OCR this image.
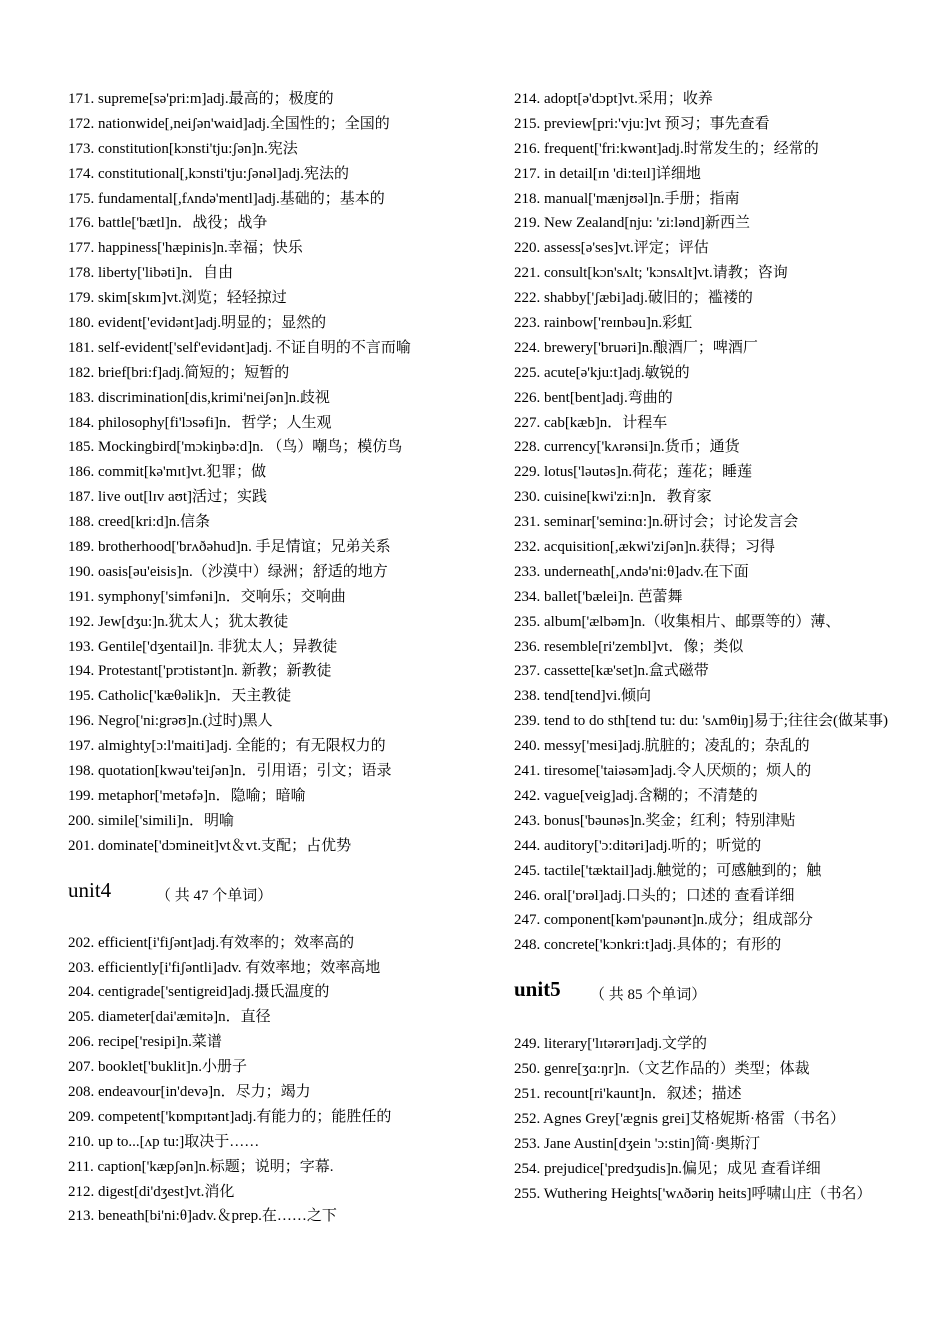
171. supreme[sə'pri:m]adj.最高的；极度的
172. nationwide[,neiʃən'waid]adj.全国性的；全国的
173. constitution[kɔnsti'tju:ʃən]n.宪法
174. constitutional[,kɔnsti'tju:ʃənəl]adj.宪法的
175. fundamental[,fʌndə'mentl]adj.基础的；基本的
176. battle['bætl]n．战役；战争
177. happiness['hæpinis]n.幸福；快乐
178. liberty['libəti]n．自由
179. skim[skɪm]vt.浏览；轻轻掠过
180. evident['evidənt]adj.明显的；显然的
181. self-evident['self'evidənt]adj. 不证自明的不言而喻
182. brief[bri:f]adj.简短的；短暂的
183. discrimination[dis,krimi'neiʃən]n.歧视
184. philosophy[fi'lɔsəfi]n．哲学；人生观
185. Mockingbird['mɔkiŋbə:d]n. （鸟）嘲鸟；模仿鸟
186. commit[kə'mɪt]vt.犯罪；做
187. live out[lɪv aʊt]活过；实践
188. creed[kri:d]n.信条
189. brotherhood['brʌðəhud]n. 手足情谊；兄弟关系
190. oasis[əu'eisis]n.（沙漠中）绿洲；舒适的地方
191. symphony['simfəni]n．交响乐；交响曲
192. Jew[dʒu:]n.犹太人；犹太教徒
193. Gentile['dʒentail]n. 非犹太人；异教徒
194. Protestant['prɔtistənt]n. 新教；新教徒
195. Catholic['kæθəlik]n．天主教徒
196. Negro['ni:grəʊ]n.(过时)黑人
197. almighty[ɔ:l'maiti]adj. 全能的；有无限权力的
198. quotation[kwəu'teiʃən]n．引用语；引文；语录
199. metaphor['metəfə]n．隐喻；暗喻
200. simile['simili]n．明喻
201. dominate['dɔmineit]vt＆vt.支配；占优势
unit4	（ 共 47 个单词）
202. efficient[i'fiʃənt]adj.有效率的；效率高的
203. efficiently[i'fiʃəntli]adv. 有效率地；效率高地
204. centigrade['sentigreid]adj.摄氏温度的
205. diameter[dai'æmitə]n．直径
206. recipe['resipi]n.菜谱
207. booklet['buklit]n.小册子
208. endeavour[in'devə]n．尽力；竭力
209. competent['kɒmpɪtənt]adj.有能力的；能胜任的
210. up to...[ʌp tu:]取决于……
211. caption['kæpʃən]n.标题；说明；字幕.
212. digest[di'dʒest]vt.消化
213. beneath[bi'ni:θ]adv.＆prep.在……之下
214. adopt[ə'dɔpt]vt.采用；收养
215. preview[pri:'vju:]vt 预习；事先查看
216. frequent['fri:kwənt]adj.时常发生的；经常的
217. in detail[ɪn 'di:teɪl]详细地
218. manual['mænjʊəl]n.手册；指南
219. New Zealand[nju: 'zi:lənd]新西兰
220. assess[ə'ses]vt.评定；评估
221. consult[kɔn'sʌlt; 'kɔnsʌlt]vt.请教；咨询
222. shabby['ʃæbi]adj.破旧的；褴褛的
223. rainbow['reɪnbəu]n.彩虹
224. brewery['bruəri]n.酿酒厂；啤酒厂
225. acute[ə'kju:t]adj.敏锐的
226. bent[bent]adj.弯曲的
227. cab[kæb]n．计程车
228. currency['kʌrənsi]n.货币；通货
229. lotus['ləutəs]n.荷花；莲花；睡莲
230. cuisine[kwi'zi:n]n．教育家
231. seminar['seminɑ:]n.研讨会；讨论发言会
232. acquisition[,ækwi'ziʃən]n.获得；习得
233. underneath[,ʌndə'ni:θ]adv.在下面
234. ballet['bælei]n. 芭蕾舞
235. album['ælbəm]n.（收集相片、邮票等的）薄、
236. resemble[ri'zembl]vt．像；类似
237. cassette[kæ'set]n.盒式磁带
238. tend[tend]vi.倾向
239. tend to do sth[tend tu: du: 'sʌmθiŋ]易于;往往会(做某事)
240. messy['mesi]adj.肮脏的；凌乱的；杂乱的
241. tiresome['taiəsəm]adj.令人厌烦的；烦人的
242. vague[veig]adj.含糊的；不清楚的
243. bonus['bəunəs]n.奖金；红利；特别津贴
244. auditory['ɔ:ditəri]adj.听的；听觉的
245. tactile['tæktail]adj.触觉的；可感触到的；触
246. oral['ɒrəl]adj.口头的；口述的 查看详细
247. component[kəm'pəunənt]n.成分；组成部分
248. concrete['kɔnkri:t]adj.具体的；有形的
unit5 （ 共 85 个单词）
249. literary['lɪtərərɪ]adj.文学的
250. genre[ʒɑ:ŋr]n.（文艺作品的）类型；体裁
251. recount[ri'kaunt]n．叙述；描述
252. Agnes Grey['ægnis grei]艾格妮斯·格雷（书名）
253. Jane Austin[dʒein 'ɔ:stin]简·奥斯汀
254. prejudice['predʒudis]n.偏见；成见 查看详细
255. Wuthering Heights['wʌðəriŋ heits]呼啸山庄（书名）
